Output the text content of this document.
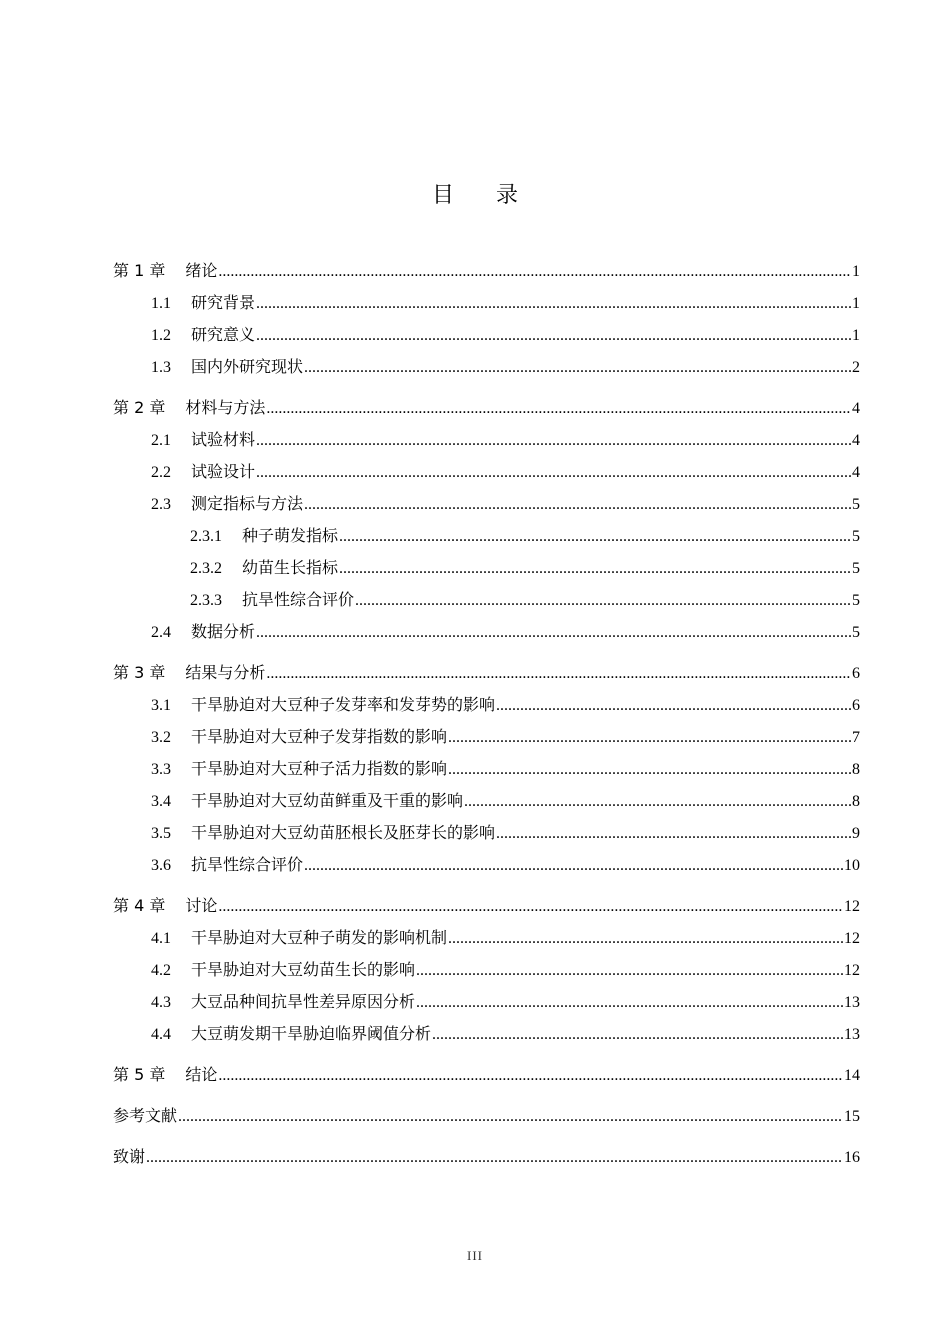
目 录
第 1 章 绪论 .....	1
1.1 研究背景 .....	1
1.2 研究意义 .....	1
1.3 国内外研究现状 .....	2
第 2 章 材料与方法 .....	4
2.1 试验材料 .....	4
2.2 试验设计 .....	4
2.3 测定指标与方法 .....	5
2.3.1 种子萌发指标 .....	5
2.3.2 幼苗生长指标 .....	5
2.3.3 抗旱性综合评价 .....	5
2.4 数据分析 .....	5
第 3 章 结果与分析 .....	6
3.1 干旱胁迫对大豆种子发芽率和发芽势的影响 .....	6
3.2 干旱胁迫对大豆种子发芽指数的影响 .....	7
3.3 干旱胁迫对大豆种子活力指数的影响 .....	8
3.4 干旱胁迫对大豆幼苗鲜重及干重的影响 .....	8
3.5 干旱胁迫对大豆幼苗胚根长及胚芽长的影响 .....	9
3.6 抗旱性综合评价 .....	10
第 4 章 讨论 .....	12
4.1 干旱胁迫对大豆种子萌发的影响机制 .....	12
4.2 干旱胁迫对大豆幼苗生长的影响 .....	12
4.3 大豆品种间抗旱性差异原因分析 .....	13
4.4 大豆萌发期干旱胁迫临界阈值分析 .....	13
第 5 章 结论 .....	14
参考文献 .....	15
致谢 .....	16
III
